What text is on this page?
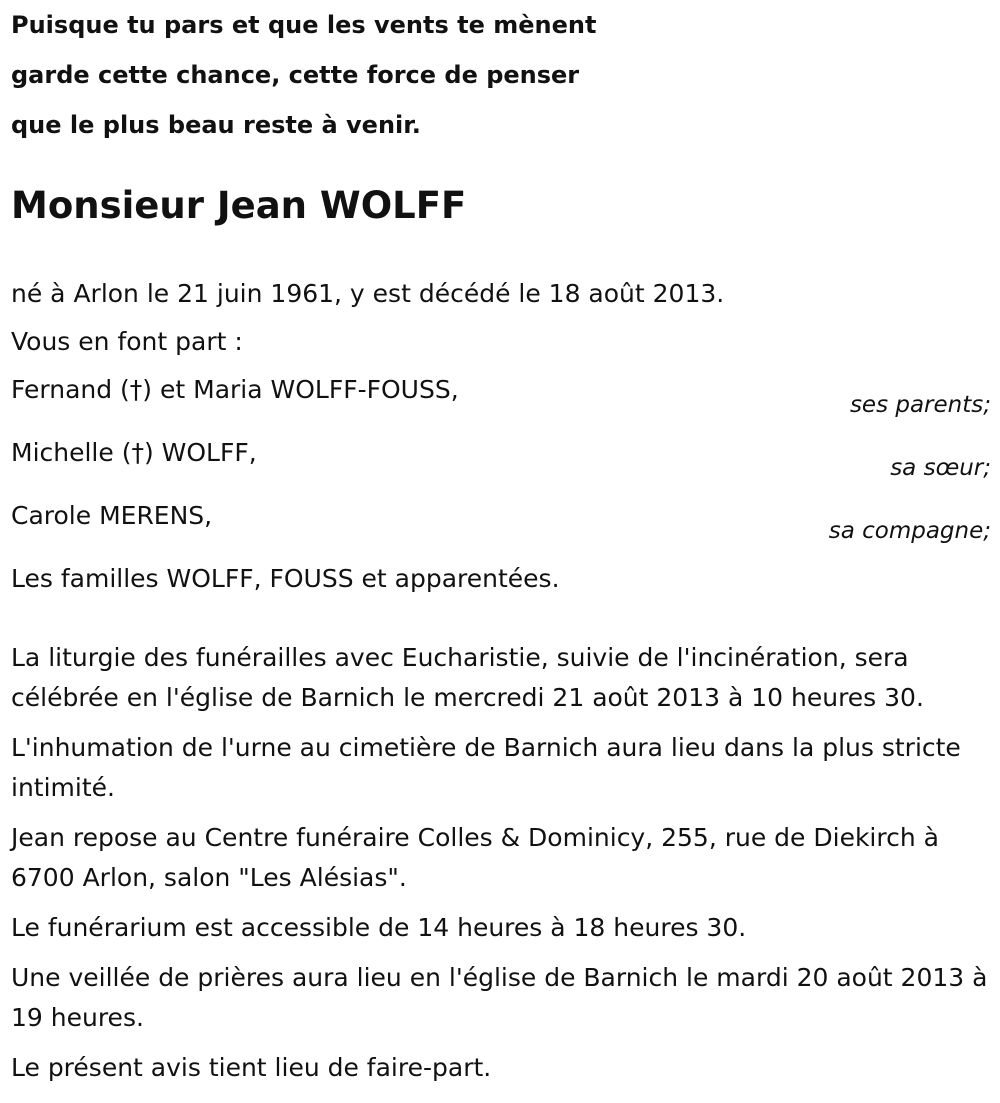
Puisque tu pars et que les vents te mènent
garde cette chance, cette force de penser
que le plus beau reste à venir.
Monsieur Jean WOLFF
né à Arlon le 21 juin 1961, y est décédé le 18 août 2013.
Vous en font part :
Fernand (†) et Maria WOLFF-FOUSS,
ses parents;
Michelle (†) WOLFF,
sa sœur;
Carole MERENS,
sa compagne;
Les familles WOLFF, FOUSS et apparentées.

La liturgie des funérailles avec Eucharistie, suivie de l'incinération, sera célébrée en l'église de Barnich le mercredi 21 août 2013 à 10 heures 30.

L'inhumation de l'urne au cimetière de Barnich aura lieu dans la plus stricte intimité.

Jean repose au Centre funéraire Colles & Dominicy, 255, rue de Diekirch à 6700 Arlon, salon "Les Alésias".

Le funérarium est accessible de 14 heures à 18 heures 30.

Une veillée de prières aura lieu en l'église de Barnich le mardi 20 août 2013 à 19 heures.

Le présent avis tient lieu de faire-part.
